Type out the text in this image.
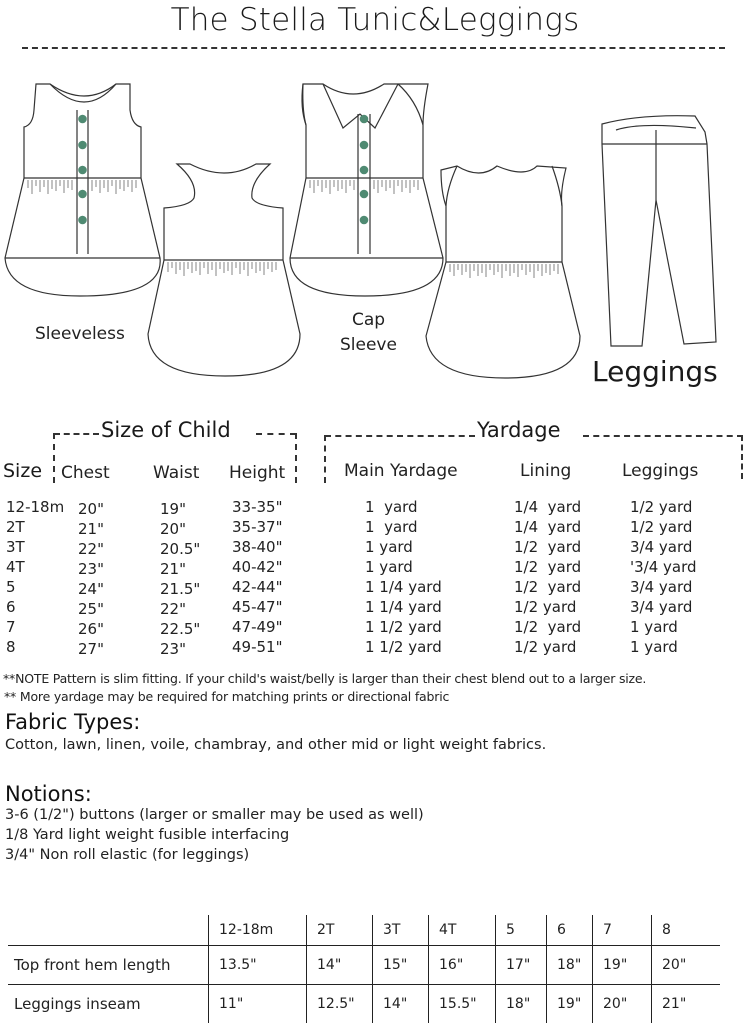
The Stella Tunic&Leggings
Sleeveless
Cap
Sleeve
Leggings
Size of Child	Yardage
Size Chest	Waist Height	Main Yardage	Lining	Leggings
12-18m 20"	19"	33-35"	1  yard	1/4  yard	1/2 yard
2T	21"	20"	35-37"	1  yard	1/4  yard	1/2 yard
3T	22"	20.5" 38-40"	1 yard	1/2  yard	3/4 yard
4T	23"	21"	40-42"	1 yard	1/2  yard	'3/4 yard
5	24"	21.5" 42-44"	1 1/4 yard	1/2  yard	3/4 yard
6	25"	22"	45-47"	1 1/4 yard	1/2 yard	3/4 yard
7	26"	22.5" 47-49"	1 1/2 yard	1/2  yard	1 yard
8	27"	23"	49-51"	1 1/2 yard	1/2 yard	1 yard
**NOTE Pattern is slim fitting. If your child's waist/belly is larger than their chest blend out to a larger size.
** More yardage may be required for matching prints or directional fabric
Fabric Types:
Cotton, lawn, linen, voile, chambray, and other mid or light weight fabrics.
Notions:
3-6 (1/2") buttons (larger or smaller may be used as well)
1/8 Yard light weight fusible interfacing
3/4" Non roll elastic (for leggings)
	12-18m	2T	3T	4T	5	6	7	8
Top front hem length	13.5"	14"	15"	16"	17"	18"	19"	20"
Leggings inseam	11"	12.5"	14"	15.5"	18"	19"	20"	21"
